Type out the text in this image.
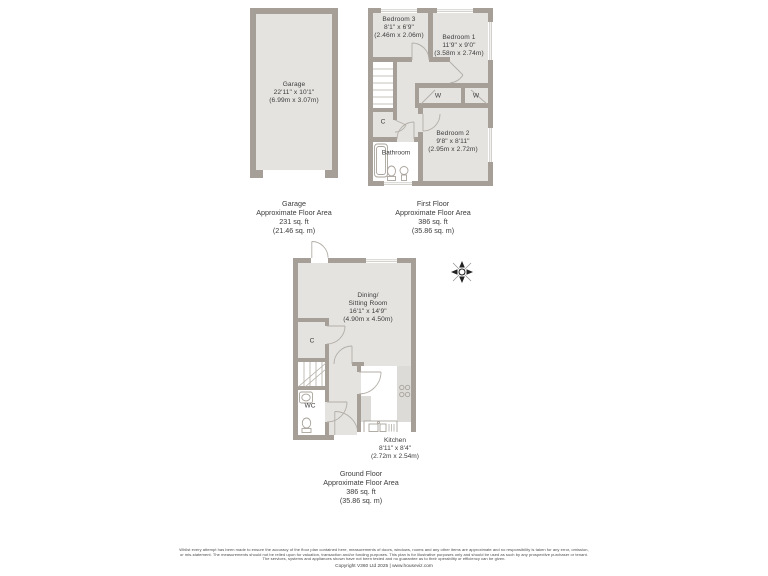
Garage
22'11" x 10'1"
(6.99m x 3.07m)
Garage
Approximate Floor Area
231 sq. ft
(21.46 sq. m)
Bedroom 3
8'1" x 6'9"
(2.46m x 2.06m)	Bedroom 1
11'9" x 9'0"
(3.58m x 2.74m)
Bedroom 2
9'8" x 8'11"
(2.95m x 2.72m)
Bathroom
C
W	W
First Floor
Approximate Floor Area
386 sq. ft
(35.86 sq. m)
Dining/
Sitting Room
16'1" x 14'9"
(4.90m x 4.50m)
C
WC
Kitchen
8'11" x 8'4"
(2.72m x 2.54m)
Ground Floor
Approximate Floor Area
386 sq. ft
(35.86 sq. m)
Whilst every attempt has been made to ensure the accuracy of the floor plan contained here, measurements of doors, windows, rooms and any other items are approximate and no responsibility is taken for any error, omission,
or mis-statement. The measurements should not be relied upon for valuation, transaction and/or funding purposes. This plan is for illustrative purposes only and should be used as such by any prospective purchaser or tenant.
The services, systems and appliances shown have not been tested and no guarantee as to their operability or efficiency can be given.
Copyright V360 Ltd 2025 | www.houseviz.com
